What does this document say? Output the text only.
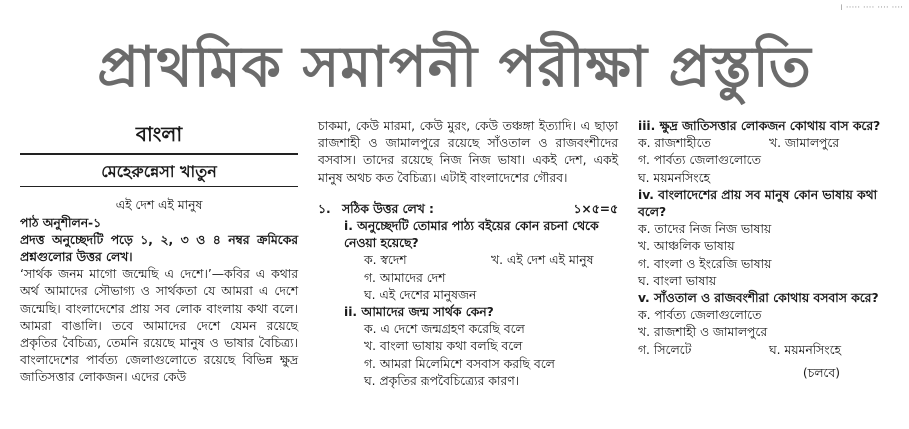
। ····· ···· ···· ····
প্রাথমিক সমাপনী পরীক্ষা প্রস্তুতি
বাংলা
মেহেরুন্নেসা খাতুন
এই দেশ এই মানুষ
পাঠ অনুশীলন-১

প্রদত্ত অনুচ্ছেদটি পড়ে ১, ২, ৩ ও ৪ নম্বর ক্রমিকের প্রশ্নগুলোর উত্তর লেখ।

‘সার্থক জনম মাগো জন্মেছি এ দেশে।’—কবির এ কথার অর্থ আমাদের সৌভাগ্য ও সার্থকতা যে আমরা এ দেশে জন্মেছি। বাংলাদেশের প্রায় সব লোক বাংলায় কথা বলে। আমরা বাঙালি। তবে আমাদের দেশে যেমন রয়েছে প্রকৃতির বৈচিত্র্য, তেমনি রয়েছে মানুষ ও ভাষার বৈচিত্র্য। বাংলাদেশের পার্বত্য জেলাগুলোতে রয়েছে বিভিন্ন ক্ষুদ্র জাতিসত্তার লোকজন। এদের কেউ

চাকমা, কেউ মারমা, কেউ মুরং, কেউ তঞ্চঙ্গা ইত্যাদি। এ ছাড়া রাজশাহী ও জামালপুরে রয়েছে সাঁওতাল ও রাজবংশীদের বসবাস। তাদের রয়েছে নিজ নিজ ভাষা। একই দেশ, একই মানুষ অথচ কত বৈচিত্র্য। এটাই বাংলাদেশের গৌরব।

১. সঠিক উত্তর লেখ :	১×৫=৫
i. অনুচ্ছেদটি তোমার পাঠ্য বইয়ের কোন রচনা থেকে নেওয়া হয়েছে?
ক. স্বদেশ	খ. এই দেশ এই মানুষ
গ. আমাদের দেশ
ঘ. এই দেশের মানুষজন
ii. আমাদের জন্ম সার্থক কেন?
ক. এ দেশে জন্মগ্রহণ করেছি বলে
খ. বাংলা ভাষায় কথা বলছি বলে
গ. আমরা মিলেমিশে বসবাস করছি বলে
ঘ. প্রকৃতির রূপবৈচিত্র্যের কারণ।
iii. ক্ষুদ্র জাতিসত্তার লোকজন কোথায় বাস করে?
ক. রাজশাহীতে	খ. জামালপুরে
গ. পার্বত্য জেলাগুলোতে
ঘ. ময়মনসিংহে
iv. বাংলাদেশের প্রায় সব মানুষ কোন ভাষায় কথা বলে?
ক. তাদের নিজ নিজ ভাষায়
খ. আঞ্চলিক ভাষায়
গ. বাংলা ও ইংরেজি ভাষায়
ঘ. বাংলা ভাষায়
v. সাঁওতাল ও রাজবংশীরা কোথায় বসবাস করে?
ক. পার্বত্য জেলাগুলোতে
খ. রাজশাহী ও জামালপুরে
গ. সিলেটে	ঘ. ময়মনসিংহে
(চলবে)
